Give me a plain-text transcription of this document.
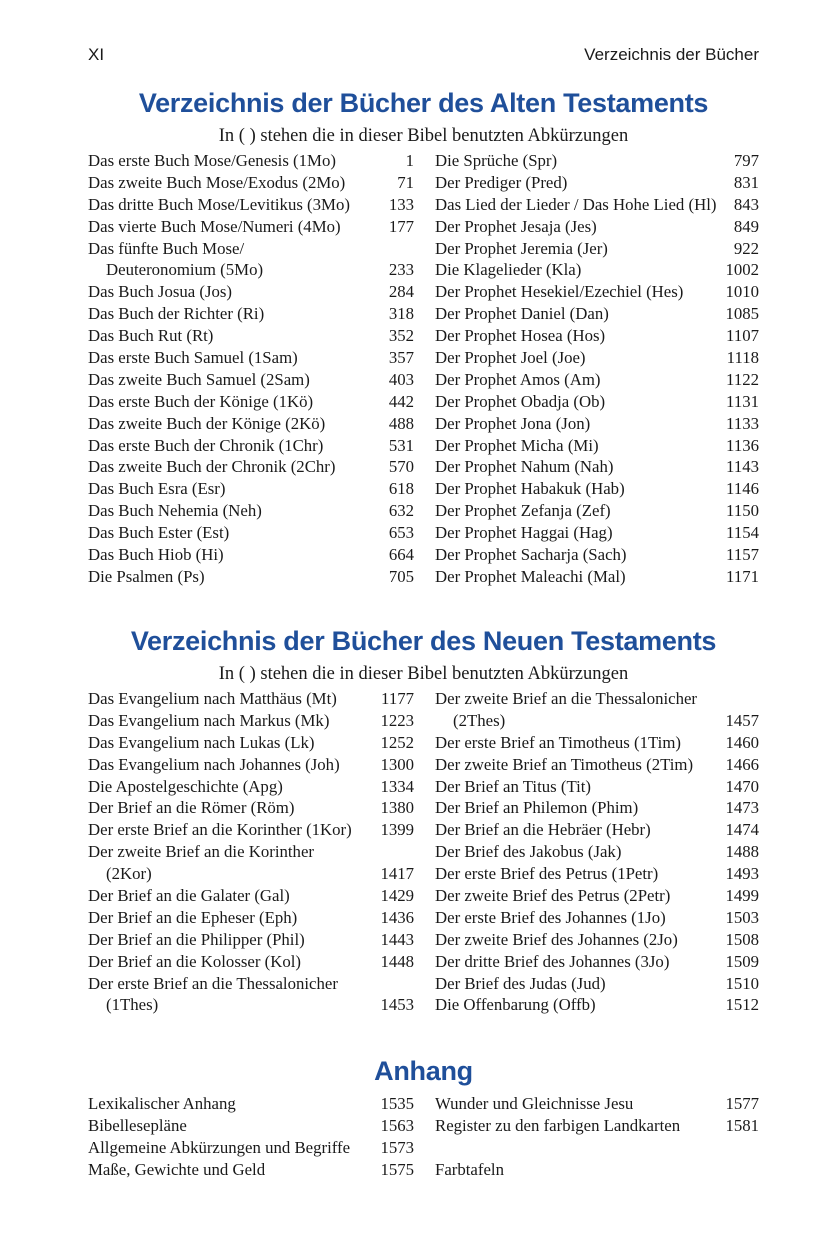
XI	Verzeichnis der Bücher
Verzeichnis der Bücher des Alten Testaments
In ( ) stehen die in dieser Bibel benutzten Abkürzungen
Das erste Buch Mose/Genesis (1Mo)	1
Das zweite Buch Mose/Exodus (2Mo)	71
Das dritte Buch Mose/Levitikus (3Mo) 133
Das vierte Buch Mose/Numeri (4Mo)	177
Das fünfte Buch Mose/
Deuteronomium (5Mo)	233
Das Buch Josua (Jos)	284
Das Buch der Richter (Ri)	318
Das Buch Rut (Rt)	352
Das erste Buch Samuel (1Sam)	357
Das zweite Buch Samuel (2Sam)	403
Das erste Buch der Könige (1Kö)	442
Das zweite Buch der Könige (2Kö)	488
Das erste Buch der Chronik (1Chr)	531
Das zweite Buch der Chronik (2Chr)	570
Das Buch Esra (Esr)	618
Das Buch Nehemia (Neh)	632
Das Buch Ester (Est)	653
Das Buch Hiob (Hi)	664
Die Psalmen (Ps)	705
Die Sprüche (Spr)	797
Der Prediger (Pred)	831
Das Lied der Lieder / Das Hohe Lied (Hl) 843
Der Prophet Jesaja (Jes)	849
Der Prophet Jeremia (Jer)	922
Die Klagelieder (Kla)	1002
Der Prophet Hesekiel/Ezechiel (Hes)	1010
Der Prophet Daniel (Dan)	1085
Der Prophet Hosea (Hos)	1107
Der Prophet Joel (Joe)	1118
Der Prophet Amos (Am)	1122
Der Prophet Obadja (Ob)	1131
Der Prophet Jona (Jon)	1133
Der Prophet Micha (Mi)	1136
Der Prophet Nahum (Nah)	1143
Der Prophet Habakuk (Hab)	1146
Der Prophet Zefanja (Zef)	1150
Der Prophet Haggai (Hag)	1154
Der Prophet Sacharja (Sach)	1157
Der Prophet Maleachi (Mal)	1171
Verzeichnis der Bücher des Neuen Testaments
In ( ) stehen die in dieser Bibel benutzten Abkürzungen
Das Evangelium nach Matthäus (Mt)	1177
Das Evangelium nach Markus (Mk)	1223
Das Evangelium nach Lukas (Lk)	1252
Das Evangelium nach Johannes (Joh) 1300
Die Apostelgeschichte (Apg)	1334
Der Brief an die Römer (Röm)	1380
Der erste Brief an die Korinther (1Kor) 1399
Der zweite Brief an die Korinther
(2Kor)	1417
Der Brief an die Galater (Gal)	1429
Der Brief an die Epheser (Eph)	1436
Der Brief an die Philipper (Phil)	1443
Der Brief an die Kolosser (Kol)	1448
Der erste Brief an die Thessalonicher
(1Thes)	1453
Der zweite Brief an die Thessalonicher
(2Thes)	1457
Der erste Brief an Timotheus (1Tim)	1460
Der zweite Brief an Timotheus (2Tim) 1466
Der Brief an Titus (Tit)	1470
Der Brief an Philemon (Phim)	1473
Der Brief an die Hebräer (Hebr)	1474
Der Brief des Jakobus (Jak)	1488
Der erste Brief des Petrus (1Petr)	1493
Der zweite Brief des Petrus (2Petr)	1499
Der erste Brief des Johannes (1Jo)	1503
Der zweite Brief des Johannes (2Jo)	1508
Der dritte Brief des Johannes (3Jo)	1509
Der Brief des Judas (Jud)	1510
Die Offenbarung (Offb)	1512
Anhang
Lexikalischer Anhang	1535
Bibellesepläne	1563
Allgemeine Abkürzungen und Begriffe 1573
Maße, Gewichte und Geld	1575
Wunder und Gleichnisse Jesu	1577
Register zu den farbigen Landkarten	1581
Farbtafeln
